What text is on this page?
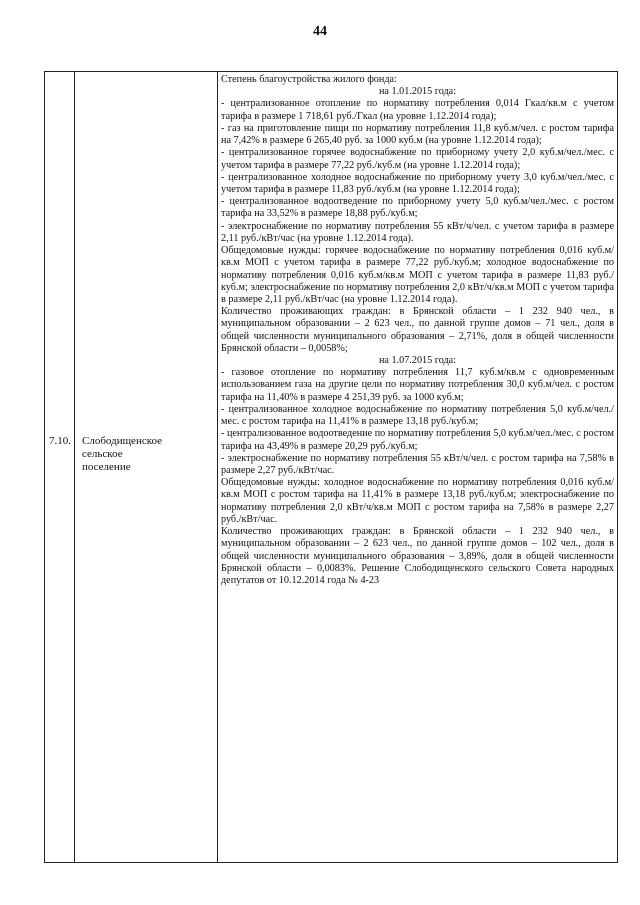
44
7.10.	Слободищенское
сельское
поселение

Степень благоустройства жилого фонда:

на 1.01.2015 года:

- централизованное отопление по нормативу потребления 0,014 Гкал/кв.м с учетом тарифа в размере 1 718,61 руб./Гкал (на уровне 1.12.2014 года);

- газ на приготовление пищи по нормативу потребления 11,8 куб.м/чел. с ростом тарифа на 7,42% в размере 6 265,40 руб. за 1000 куб.м (на уровне 1.12.2014 года);

- централизованное горячее водоснабжение по приборному учету 2,0 куб.м/чел./мес. с учетом тарифа в размере 77,22 руб./куб.м (на уровне 1.12.2014 года);

- централизованное холодное водоснабжение по приборному учету 3,0 куб.м/чел./мес. с учетом тарифа в размере 11,83 руб./куб.м (на уровне 1.12.2014 года);

- централизованное водоотведение по приборному учету 5,0 куб.м/чел./мес. с ростом тарифа на 33,52% в размере 18,88 руб./куб.м;

- электроснабжение по нормативу потребления 55 кВт/ч/чел. с учетом тарифа в размере 2,11 руб./кВт/час (на уровне 1.12.2014 года).

Общедомовые нужды: горячее водоснабжение по нормативу потребления 0,016 куб.м/кв.м МОП с учетом тарифа в размере 77,22 руб./куб.м; холодное водоснабжение по нормативу потребления 0,016 куб.м/кв.м МОП с учетом тарифа в размере 11,83 руб./куб.м; электроснабжение по нормативу потребления 2,0 кВт/ч/кв.м МОП с учетом тарифа в размере 2,11 руб./кВт/час (на уровне 1.12.2014 года).

Количество проживающих граждан: в Брянской области – 1 232 940 чел., в муниципальном образовании – 2 623 чел., по данной группе домов – 71 чел., доля в общей численности муниципального образования – 2,71%, доля в общей численности Брянской области – 0,0058%;

на 1.07.2015 года:

- газовое отопление по нормативу потребления 11,7 куб.м/кв.м с одновременным использованием газа на другие цели по нормативу потребления 30,0 куб.м/чел. с ростом тарифа на 11,40% в размере 4 251,39 руб. за 1000 куб.м;

- централизованное холодное водоснабжение по нормативу потребления 5,0 куб.м/чел./мес. с ростом тарифа на 11,41% в размере 13,18 руб./куб.м;

- централизованное водоотведение по нормативу потребления 5,0 куб.м/чел./мес. с ростом тарифа на 43,49% в размере 20,29 руб./куб.м;

- электроснабжение по нормативу потребления 55 кВт/ч/чел. с ростом тарифа на 7,58% в размере 2,27 руб./кВт/час.

Общедомовые нужды: холодное водоснабжение по нормативу потребления 0,016 куб.м/кв.м МОП с ростом тарифа на 11,41% в размере 13,18 руб./куб.м; электроснабжение по нормативу потребления 2,0 кВт/ч/кв.м МОП с ростом тарифа на 7,58% в размере 2,27 руб./кВт/час.

Количество проживающих граждан: в Брянской области – 1 232 940 чел., в муниципальном образовании – 2 623 чел., по данной группе домов – 102 чел., доля в общей численности муниципального образования – 3,89%, доля в общей численности Брянской области – 0,0083%. Решение Слободищенского сельского Совета народных депутатов от 10.12.2014 года № 4-23
